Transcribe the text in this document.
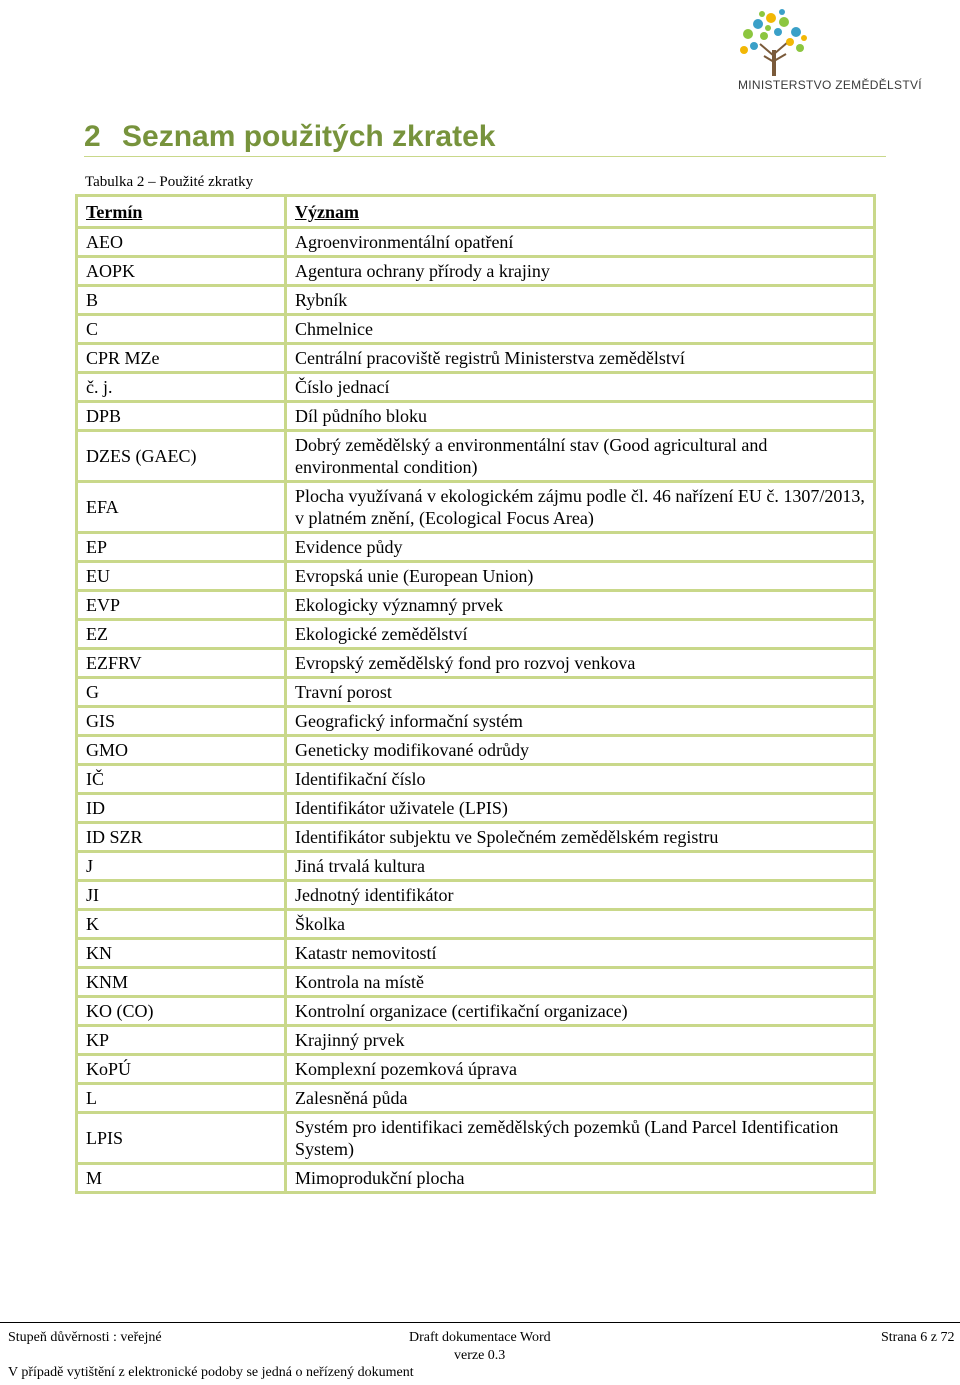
MINISTERSTVO ZEMĚDĚLSTVÍ
2 Seznam použitých zkratek
Tabulka 2 – Použité zkratky
Termín	Význam
AEO	Agroenvironmentální opatření
AOPK	Agentura ochrany přírody a krajiny
B	Rybník
C	Chmelnice
CPR MZe	Centrální pracoviště registrů Ministerstva zemědělství
č. j.	Číslo jednací
DPB	Díl půdního bloku
DZES (GAEC)	Dobrý zemědělský a environmentální stav (Good agricultural and environmental condition)
EFA	Plocha využívaná v ekologickém zájmu podle čl. 46 nařízení EU č. 1307/2013, v platném znění, (Ecological Focus Area)
EP	Evidence půdy
EU	Evropská unie (European Union)
EVP	Ekologicky významný prvek
EZ	Ekologické zemědělství
EZFRV	Evropský zemědělský fond pro rozvoj venkova
G	Travní porost
GIS	Geografický informační systém
GMO	Geneticky modifikované odrůdy
IČ	Identifikační číslo
ID	Identifikátor uživatele (LPIS)
ID SZR	Identifikátor subjektu ve Společném zemědělském registru
J	Jiná trvalá kultura
JI	Jednotný identifikátor
K	Školka
KN	Katastr nemovitostí
KNM	Kontrola na místě
KO (CO)	Kontrolní organizace (certifikační organizace)
KP	Krajinný prvek
KoPÚ	Komplexní pozemková úprava
L	Zalesněná půda
LPIS	Systém pro identifikaci zemědělských pozemků (Land Parcel Identification System)
M	Mimoprodukční plocha
Stupeň důvěrnosti : veřejné	Draft dokumentace Word
verze 0.3
Strana 6 z 72
V případě vytištění z elektronické podoby se jedná o neřízený dokument
